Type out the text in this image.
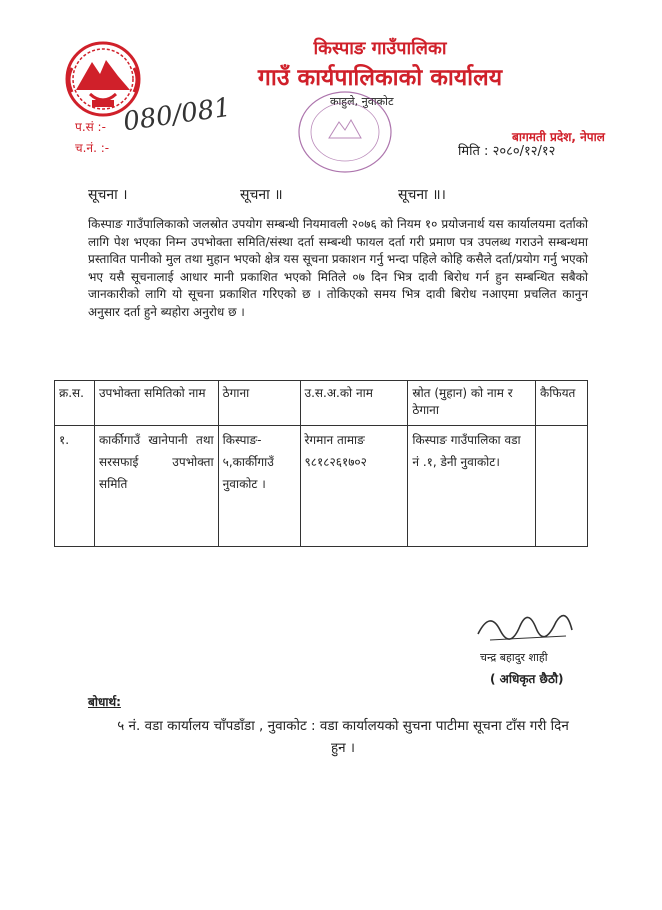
किस्पाङ गाउँपालिका
गाउँ कार्यपालिकाको कार्यालय
काहुले, नुवाकोट
प.सं :-
च.नं. :-
080/081	बागमती प्रदेश, नेपाल
मिति : २०८०/१२/१२
सूचना ।	सूचना ॥	सूचना ॥।
किस्पाङ गाउँपालिकाको जलस्रोत उपयोग सम्बन्धी नियमावली २०७६ को नियम १० प्रयोजनार्थ यस कार्यालयमा दर्ताको लागि पेश भएका निम्न उपभोक्ता समिति/संस्था दर्ता सम्बन्धी फायल दर्ता गरी प्रमाण पत्र उपलब्ध गराउने सम्बन्धमा प्रस्तावित पानीको मुल तथा मुहान भएको क्षेत्र यस सूचना प्रकाशन गर्नु भन्दा पहिले कोहि कसैले दर्ता/प्रयोग गर्नु भएको भए यसै सूचनालाई आधार मानी प्रकाशित भएको मितिले ०७ दिन भित्र दावी बिरोध गर्न हुन सम्बन्धित सबैको जानकारीको लागि यो सूचना प्रकाशित गरिएको छ । तोकिएको समय भित्र दावी बिरोध नआएमा प्रचलित कानुन अनुसार दर्ता हुने ब्यहोरा अनुरोध छ ।
क्र.स.	उपभोक्ता समितिको नाम	ठेगाना	उ.स.अ.को नाम	स्रोत (मुहान) को नाम र ठेगाना	कैफियत
१.	कार्कीगाउँ खानेपानी तथा सरसफाई उपभोक्ता समिति	किस्पाङ- ५,कार्कीगाउँ नुवाकोट ।	रेगमान तामाङ ९८१८२६१७०२	किस्पाङ गाउँपालिका वडा नं .१, डेनी नुवाकोट।	
चन्द्र बहादुर शाही
( अधिकृत छैठौ)
बोधार्थ:
५ नं. वडा कार्यालय चाँपडाँडा , नुवाकोट : वडा कार्यालयको सुचना पाटीमा सूचना टाँस गरी दिन हुन ।
